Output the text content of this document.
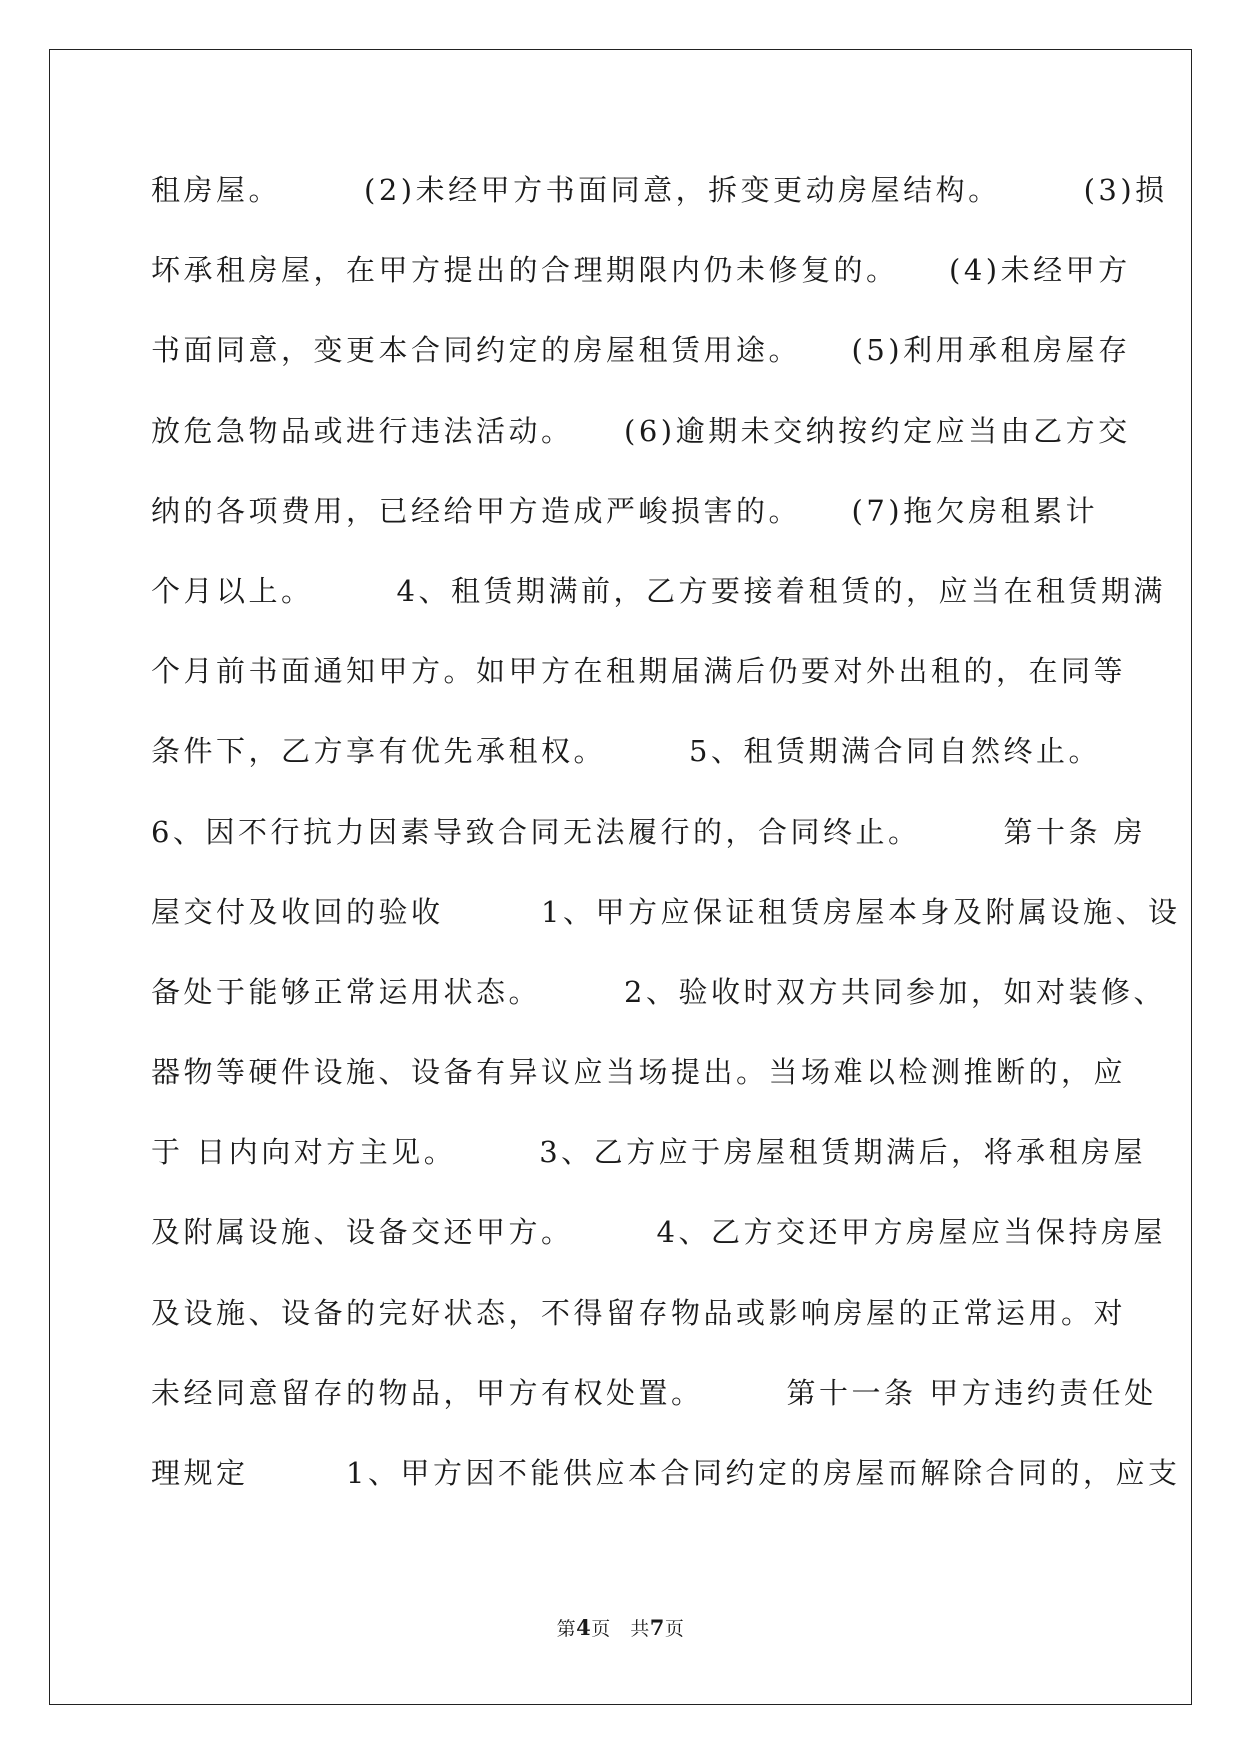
租房屋。　　　(2)未经甲方书面同意，拆变更动房屋结构。　　　(3)损
坏承租房屋，在甲方提出的合理期限内仍未修复的。　　(4)未经甲方
书面同意，变更本合同约定的房屋租赁用途。　　(5)利用承租房屋存
放危急物品或进行违法活动。　　(6)逾期未交纳按约定应当由乙方交
纳的各项费用，已经给甲方造成严峻损害的。　　(7)拖欠房租累计
个月以上。　　　4、租赁期满前，乙方要接着租赁的，应当在租赁期满
个月前书面通知甲方。如甲方在租期届满后仍要对外出租的，在同等
条件下，乙方享有优先承租权。　　　5、租赁期满合同自然终止。
6、因不行抗力因素导致合同无法履行的，合同终止。　　　第十条 房
屋交付及收回的验收　　　1、甲方应保证租赁房屋本身及附属设施、设
备处于能够正常运用状态。　　　2、验收时双方共同参加，如对装修、
器物等硬件设施、设备有异议应当场提出。当场难以检测推断的，应
于 日内向对方主见。　　　3、乙方应于房屋租赁期满后，将承租房屋
及附属设施、设备交还甲方。　　　4、乙方交还甲方房屋应当保持房屋
及设施、设备的完好状态，不得留存物品或影响房屋的正常运用。对
未经同意留存的物品，甲方有权处置。　　　第十一条 甲方违约责任处
理规定　　　1、甲方因不能供应本合同约定的房屋而解除合同的，应支
第4页　共7页
